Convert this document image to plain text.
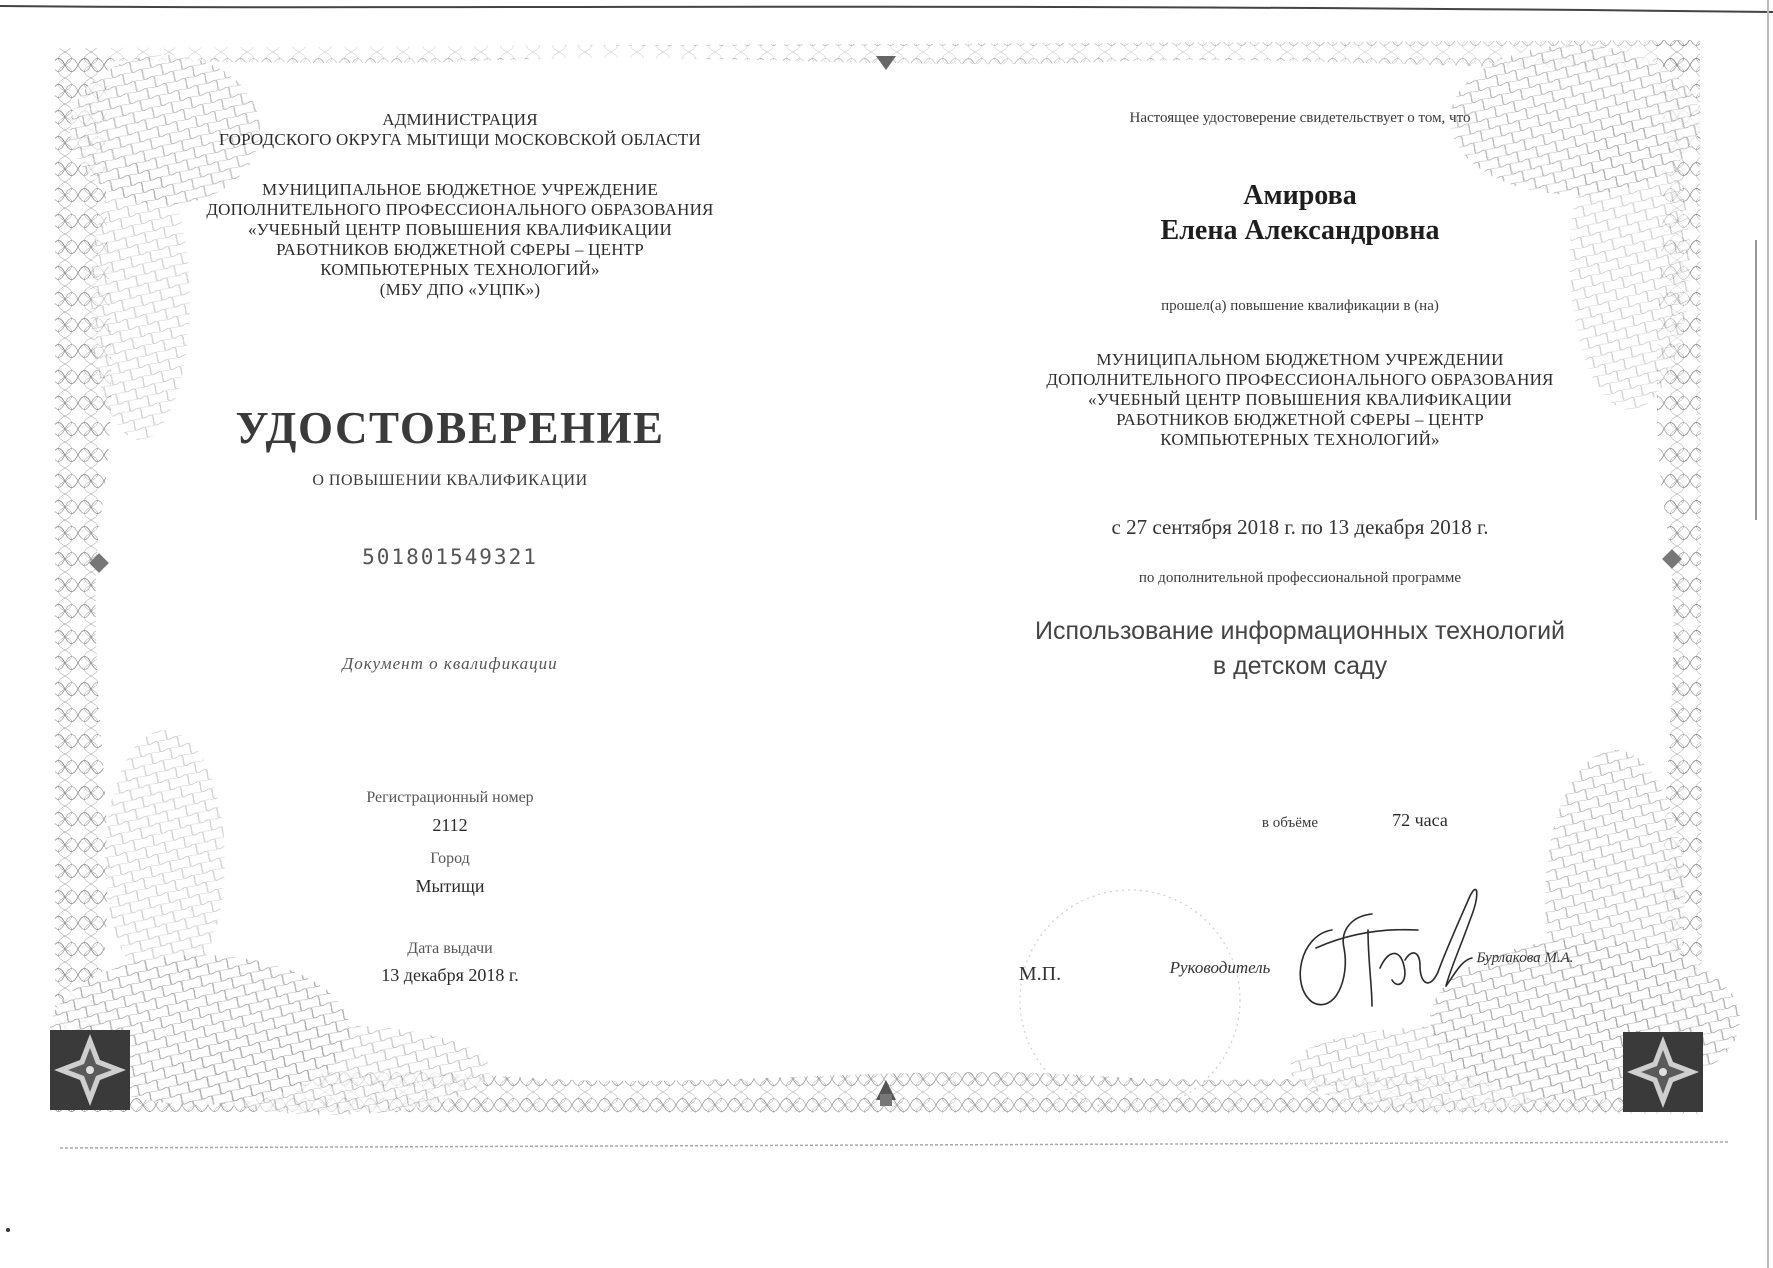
АДМИНИСТРАЦИЯ
ГОРОДСКОГО ОКРУГА МЫТИЩИ МОСКОВСКОЙ ОБЛАСТИ
МУНИЦИПАЛЬНОЕ БЮДЖЕТНОЕ УЧРЕЖДЕНИЕ
ДОПОЛНИТЕЛЬНОГО ПРОФЕССИОНАЛЬНОГО ОБРАЗОВАНИЯ
«УЧЕБНЫЙ ЦЕНТР ПОВЫШЕНИЯ КВАЛИФИКАЦИИ
РАБОТНИКОВ БЮДЖЕТНОЙ СФЕРЫ – ЦЕНТР
КОМПЬЮТЕРНЫХ ТЕХНОЛОГИЙ»
(МБУ ДПО «УЦПК»)
УДОСТОВЕРЕНИЕ
О ПОВЫШЕНИИ КВАЛИФИКАЦИИ
501801549321
Документ о квалификации
Регистрационный номер
2112
Город
Мытищи
Дата выдачи
13 декабря 2018 г.
Настоящее удостоверение свидетельствует о том, что
Амирова
Елена Александровна
прошел(а) повышение квалификации в (на)
МУНИЦИПАЛЬНОМ БЮДЖЕТНОМ УЧРЕЖДЕНИИ
ДОПОЛНИТЕЛЬНОГО ПРОФЕССИОНАЛЬНОГО ОБРАЗОВАНИЯ
«УЧЕБНЫЙ ЦЕНТР ПОВЫШЕНИЯ КВАЛИФИКАЦИИ
РАБОТНИКОВ БЮДЖЕТНОЙ СФЕРЫ – ЦЕНТР
КОМПЬЮТЕРНЫХ ТЕХНОЛОГИЙ»
с 27 сентября 2018 г. по 13 декабря 2018 г.
по дополнительной профессиональной программе
Использование информационных технологий
в детском саду
в объёме	72 часа
М.П.	Руководитель	Бурлакова М.А.
